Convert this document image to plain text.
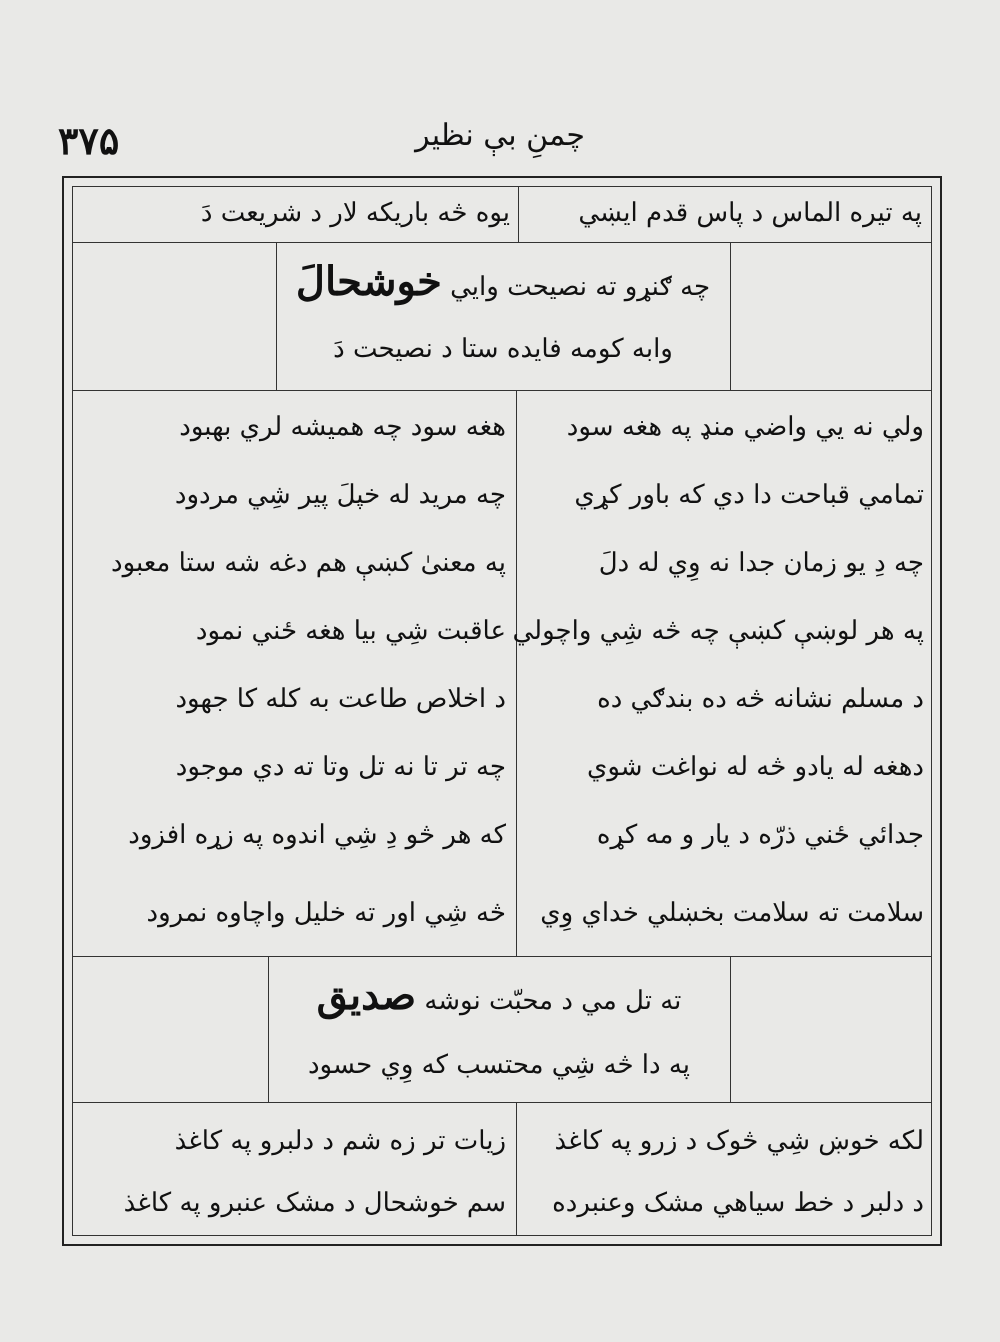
۳۷۵	چمنِ بې نظیر
په تیره الماس د پاس قدم ایښي
یوه څه باریکه لار د شریعت دَ
چه ګنړو ته نصیحت وایي خوشحالَ
وابه کومه فایده ستا د نصیحت دَ
ولي نه یي واضي منډ په هغه سود
تمامي قباحت دا دي که باور کړي
چه دِ یو زمان جدا نه وِي له دلَ
په هر لوښې کښې چه څه شِي واچولي
د مسلم نشانه څه ده بندګي ده
دهغه له یادو څه له نواغت شوي
جدائي ځني ذرّه د یار و مه کړه
سلامت ته سلامت بخښلي خداي وِي
هغه سود چه همیشه لري بهبود
چه مرید له خپلَ پیر شِي مردود
په معنیٰ کښې هم دغه شه ستا معبود
عاقبت شِي بیا هغه ځني نمود
د اخلاص طاعت به کله کا جهود
چه تر تا نه تل وتا ته دي موجود
که هر څو دِ شِي اندوه په زړه افزود
څه شِي اور ته خلیل واچاوه نمرود
ته تل مي د محبّت نوشه صدیق
په دا څه شِي محتسب که وِي حسود
لکه خوښ شِي څوک د زرو په کاغذ
د دلبر د خط سیاهي مشک وعنبرده
زیات تر زه شم د دلبرو په کاغذ
سم خوشحال د مشک عنبرو په کاغذ
